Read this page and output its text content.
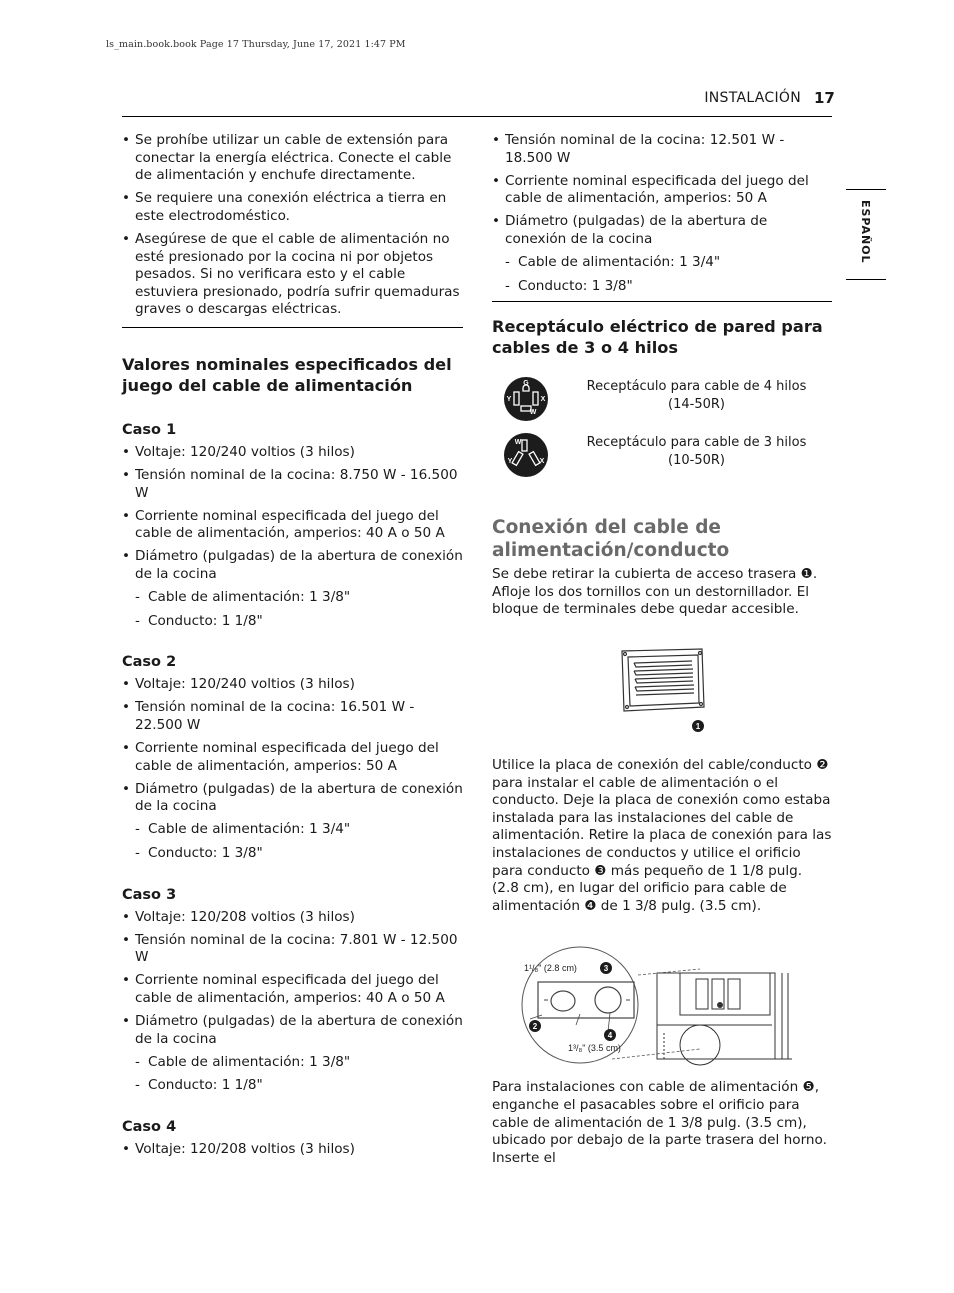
ls_main.book.book Page 17 Thursday, June 17, 2021 1:47 PM
INSTALACIÓN 17
ESPAÑOL
• Se prohíbe utilizar un cable de extensión para conectar la energía eléctrica. Conecte el cable de alimentación y enchufe directamente.
• Se requiere una conexión eléctrica a tierra en este electrodoméstico.
• Asegúrese de que el cable de alimentación no esté presionado por la cocina ni por objetos pesados. Si no verificara esto y el cable estuviera presionado, podría sufrir quemaduras graves o descargas eléctricas.
Valores nominales especificados del juego del cable de alimentación
Caso 1
• Voltaje: 120/240 voltios (3 hilos)
• Tensión nominal de la cocina: 8.750 W - 16.500 W
• Corriente nominal especificada del juego del cable de alimentación, amperios: 40 A o 50 A
• Diámetro (pulgadas) de la abertura de conexión de la cocina
- Cable de alimentación: 1 3/8"
- Conducto: 1 1/8"
Caso 2
• Voltaje: 120/240 voltios (3 hilos)
• Tensión nominal de la cocina: 16.501 W - 22.500 W
• Corriente nominal especificada del juego del cable de alimentación, amperios: 50 A
• Diámetro (pulgadas) de la abertura de conexión de la cocina
- Cable de alimentación: 1 3/4"
- Conducto: 1 3/8"
Caso 3
• Voltaje: 120/208 voltios (3 hilos)
• Tensión nominal de la cocina: 7.801 W - 12.500 W
• Corriente nominal especificada del juego del cable de alimentación, amperios: 40 A o 50 A
• Diámetro (pulgadas) de la abertura de conexión de la cocina
- Cable de alimentación: 1 3/8"
- Conducto: 1 1/8"
Caso 4
• Voltaje: 120/208 voltios (3 hilos)
• Tensión nominal de la cocina: 12.501 W - 18.500 W
• Corriente nominal especificada del juego del cable de alimentación, amperios: 50 A
• Diámetro (pulgadas) de la abertura de conexión de la cocina
- Cable de alimentación: 1 3/4"
- Conducto: 1 3/8"
Receptáculo eléctrico de pared para cables de 3 o 4 hilos
G
Y	X
W
Receptáculo para cable de 4 hilos (14-50R)
W
Y	X
Receptáculo para cable de 3 hilos (10-50R)
Conexión del cable de alimentación/conducto

Se debe retirar la cubierta de acceso trasera ❶. Afloje los dos tornillos con un destornillador. El bloque de terminales debe quedar accesible.

1

Utilice la placa de conexión del cable/conducto ❷ para instalar el cable de alimentación o el conducto. Deje la placa de conexión como estaba instalada para las instalaciones del cable de alimentación. Retire la placa de conexión para las instalaciones de conductos y utilice el orificio para conducto ❸ más pequeño de 1 1/8 pulg. (2.8 cm), en lugar del orificio para cable de alimentación ❹ de 1 3/8 pulg. (3.5 cm).

1¹/₈" (2.8 cm)	3
2
4
1³/₈" (3.5 cm)

Para instalaciones con cable de alimentación ❺, enganche el pasacables sobre el orificio para cable de alimentación de 1 3/8 pulg. (3.5 cm), ubicado por debajo de la parte trasera del horno. Inserte el
